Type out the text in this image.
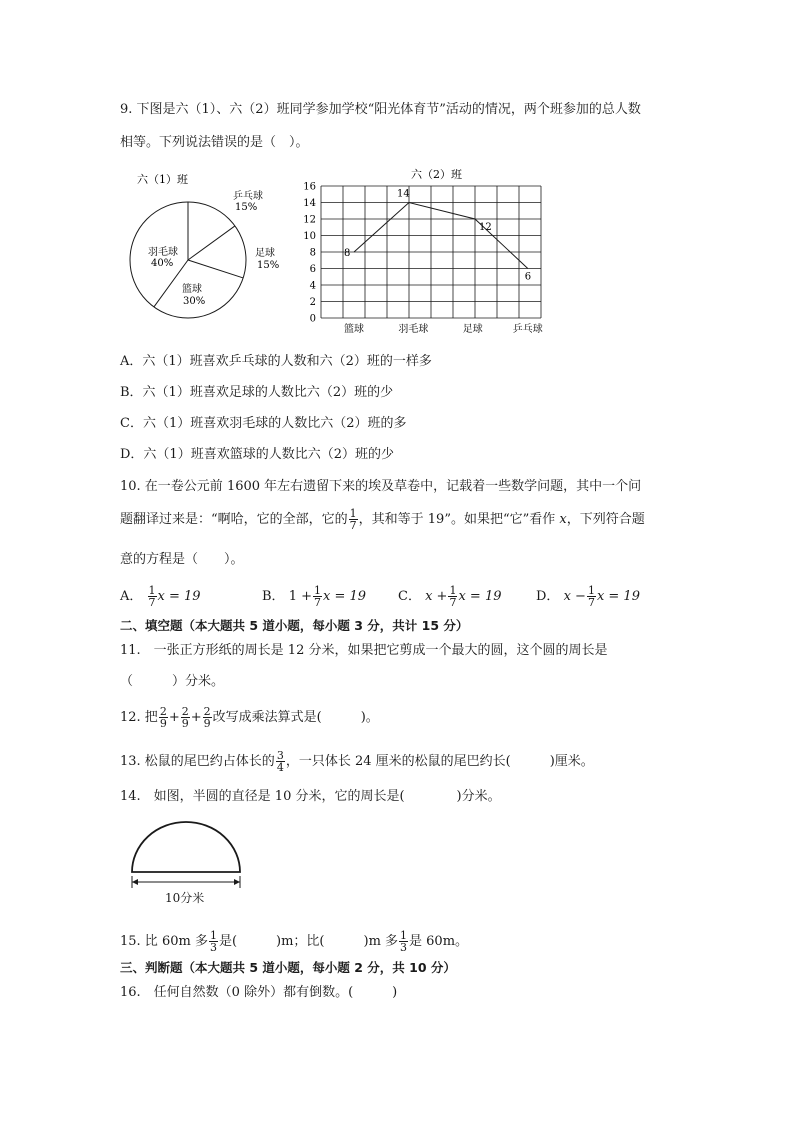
9. 下图是六（1）、六（2）班同学参加学校“阳光体育节”活动的情况，两个班参加的总人数
相等。下列说法错误的是（　）。
六（1）班
乒乓球
15%
足球
15%
篮球
30%
羽毛球
40%
六（2）班
0
2
4
6
8
10
12
14
16
8
14
12
6
篮球	羽毛球	足球	乒乓球
A．六（1）班喜欢乒乓球的人数和六（2）班的一样多
B．六（1）班喜欢足球的人数比六（2）班的少
C．六（1）班喜欢羽毛球的人数比六（2）班的多
D．六（1）班喜欢篮球的人数比六（2）班的少
10. 在一卷公元前 1600 年左右遗留下来的埃及草卷中，记载着一些数学问题，其中一个问
题翻译过来是：“啊哈，它的全部，它的 $\frac{1}{7}$ ，其和等于 19”。如果把“它”看作 x，下列符合题
意的方程是（　　）。
A． $\frac{1}{7}$ x = 19	B． $1 + \frac{1}{7}$ x = 19 C． $x + \frac{1}{7}$ x = 19	D． $x - \frac{1}{7}$ x = 19
二、填空题（本大题共 5 道小题，每小题 3 分，共计 15 分）
11.　一张正方形纸的周长是 12 分米，如果把它剪成一个最大的圆，这个圆的周长是
（　　　）分米。
12. 把 $\frac{2}{9} + \frac{2}{9} + \frac{2}{9}$ 改写成乘法算式是(　　　)。
13. 松鼠的尾巴约占体长的 $\frac{3}{4}$ ，一只体长 24 厘米的松鼠的尾巴约长(　　　)厘米。
14.　如图，半圆的直径是 10 分米，它的周长是(　　　　)分米。
10分米
15. 比 60m 多 $\frac{1}{3}$ 是(　　　)m；比(　　　)m 多 $\frac{1}{3}$ 是 60m。
三、判断题（本大题共 5 道小题，每小题 2 分，共 10 分）
16.　任何自然数（0 除外）都有倒数。(　　　)
